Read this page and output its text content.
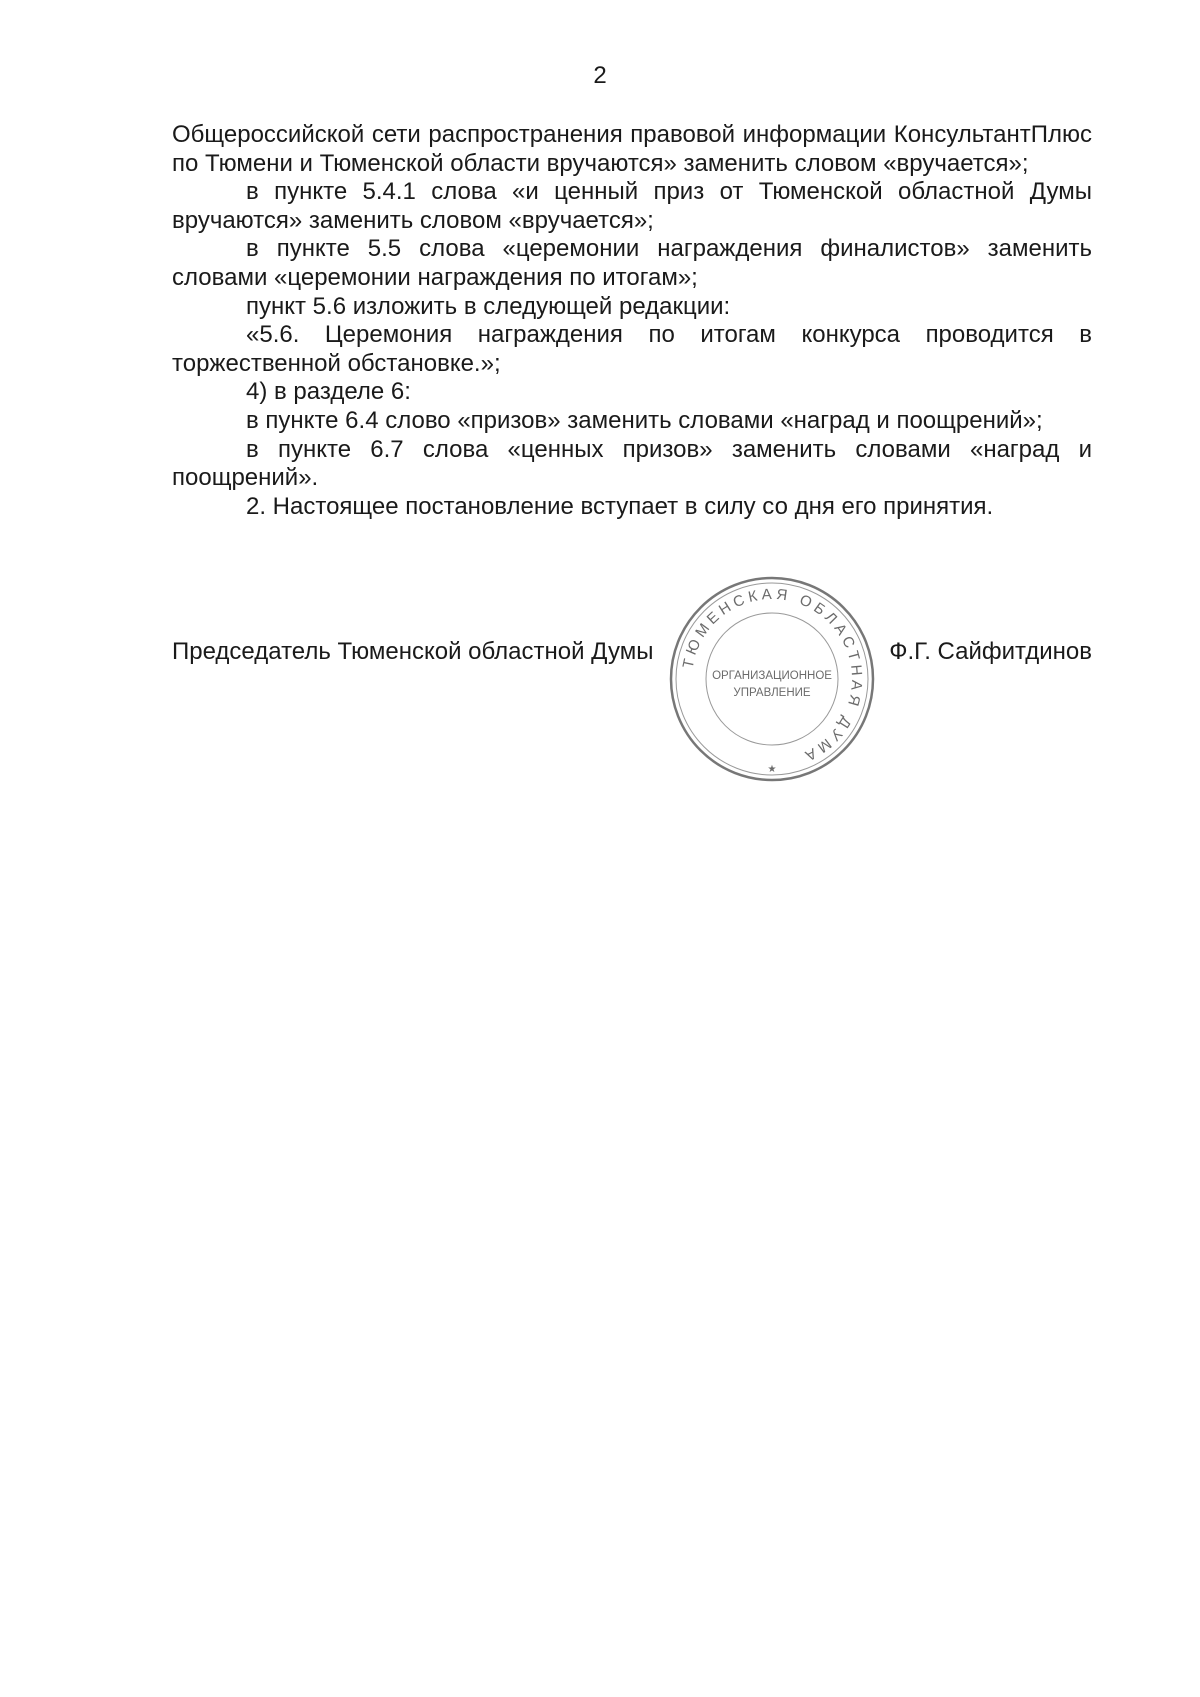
2

Общероссийской сети распространения правовой информации КонсультантПлюс по Тюмени и Тюменской области вручаются» заменить словом «вручается»;

в пункте 5.4.1 слова «и ценный приз от Тюменской областной Думы вручаются» заменить словом «вручается»;

в пункте 5.5 слова «церемонии награждения финалистов» заменить словами «церемонии награждения по итогам»;

пункт 5.6 изложить в следующей редакции:

«5.6. Церемония награждения по итогам конкурса проводится в торжественной обстановке.»;

4) в разделе 6:

в пункте 6.4 слово «призов» заменить словами «наград и поощрений»;

в пункте 6.7 слова «ценных призов» заменить словами «наград и поощрений».

2. Настоящее постановление вступает в силу со дня его принятия.

Председатель Тюменской областной Думы	Ф.Г. Сайфитдинов
ТЮМЕНСКАЯ ОБЛАСТНАЯ ДУМА
ОРГАНИЗАЦИОННОЕ
УПРАВЛЕНИЕ
★
